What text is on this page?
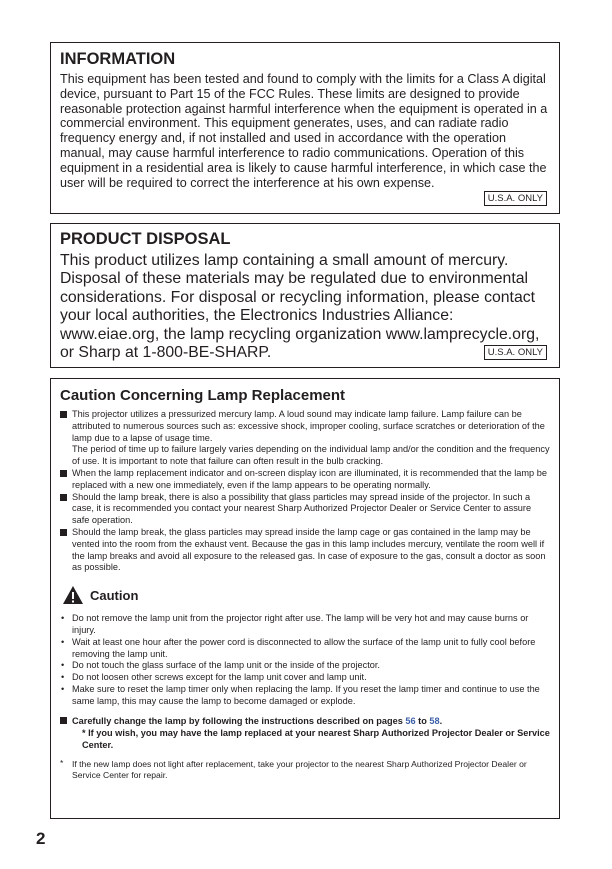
INFORMATION

This equipment has been tested and found to comply with the limits for a Class A digital device, pursuant to Part 15 of the FCC Rules. These limits are designed to provide reasonable protection against harmful interference when the equipment is operated in a commercial environment. This equipment generates, uses, and can radiate radio frequency energy and, if not installed and used in accordance with the operation manual, may cause harmful interference to radio communications. Operation of this equipment in a residential area is likely to cause harmful interference, in which case the user will be required to correct the interference at his own expense.

U.S.A. ONLY
PRODUCT DISPOSAL

This product utilizes lamp containing a small amount of mercury. Disposal of these materials may be regulated due to environmental considerations. For disposal or recycling information, please contact your local authorities, the Electronics Industries Alliance: www.eiae.org, the lamp recycling organization www.lamprecycle.org, or Sharp at 1-800-BE-SHARP.	U.S.A. ONLY
Caution Concerning Lamp Replacement
This projector utilizes a pressurized mercury lamp. A loud sound may indicate lamp failure. Lamp failure can be attributed to numerous sources such as: excessive shock, improper cooling, surface scratches or deterioration of the lamp due to a lapse of usage time.
The period of time up to failure largely varies depending on the individual lamp and/or the condition and the frequency of use. It is important to note that failure can often result in the bulb cracking.
When the lamp replacement indicator and on-screen display icon are illuminated, it is recommended that the lamp be replaced with a new one immediately, even if the lamp appears to be operating normally.
Should the lamp break, there is also a possibility that glass particles may spread inside of the projector. In such a case, it is recommended you contact your nearest Sharp Authorized Projector Dealer or Service Center to assure safe operation.
Should the lamp break, the glass particles may spread inside the lamp cage or gas contained in the lamp may be vented into the room from the exhaust vent. Because the gas in this lamp includes mercury, ventilate the room well if the lamp breaks and avoid all exposure to the released gas. In case of exposure to the gas, consult a doctor as soon as possible.
Caution
• Do not remove the lamp unit from the projector right after use. The lamp will be very hot and may cause burns or injury.
• Wait at least one hour after the power cord is disconnected to allow the surface of the lamp unit to fully cool before removing the lamp unit.
• Do not touch the glass surface of the lamp unit or the inside of the projector.
• Do not loosen other screws except for the lamp unit cover and lamp unit.
• Make sure to reset the lamp timer only when replacing the lamp. If you reset the lamp timer and continue to use the same lamp, this may cause the lamp to become damaged or explode.
Carefully change the lamp by following the instructions described on pages 56 to 58.
* If you wish, you may have the lamp replaced at your nearest Sharp Authorized Projector Dealer or Service Center.
* If the new lamp does not light after replacement, take your projector to the nearest Sharp Authorized Projector Dealer or Service Center for repair.
2
